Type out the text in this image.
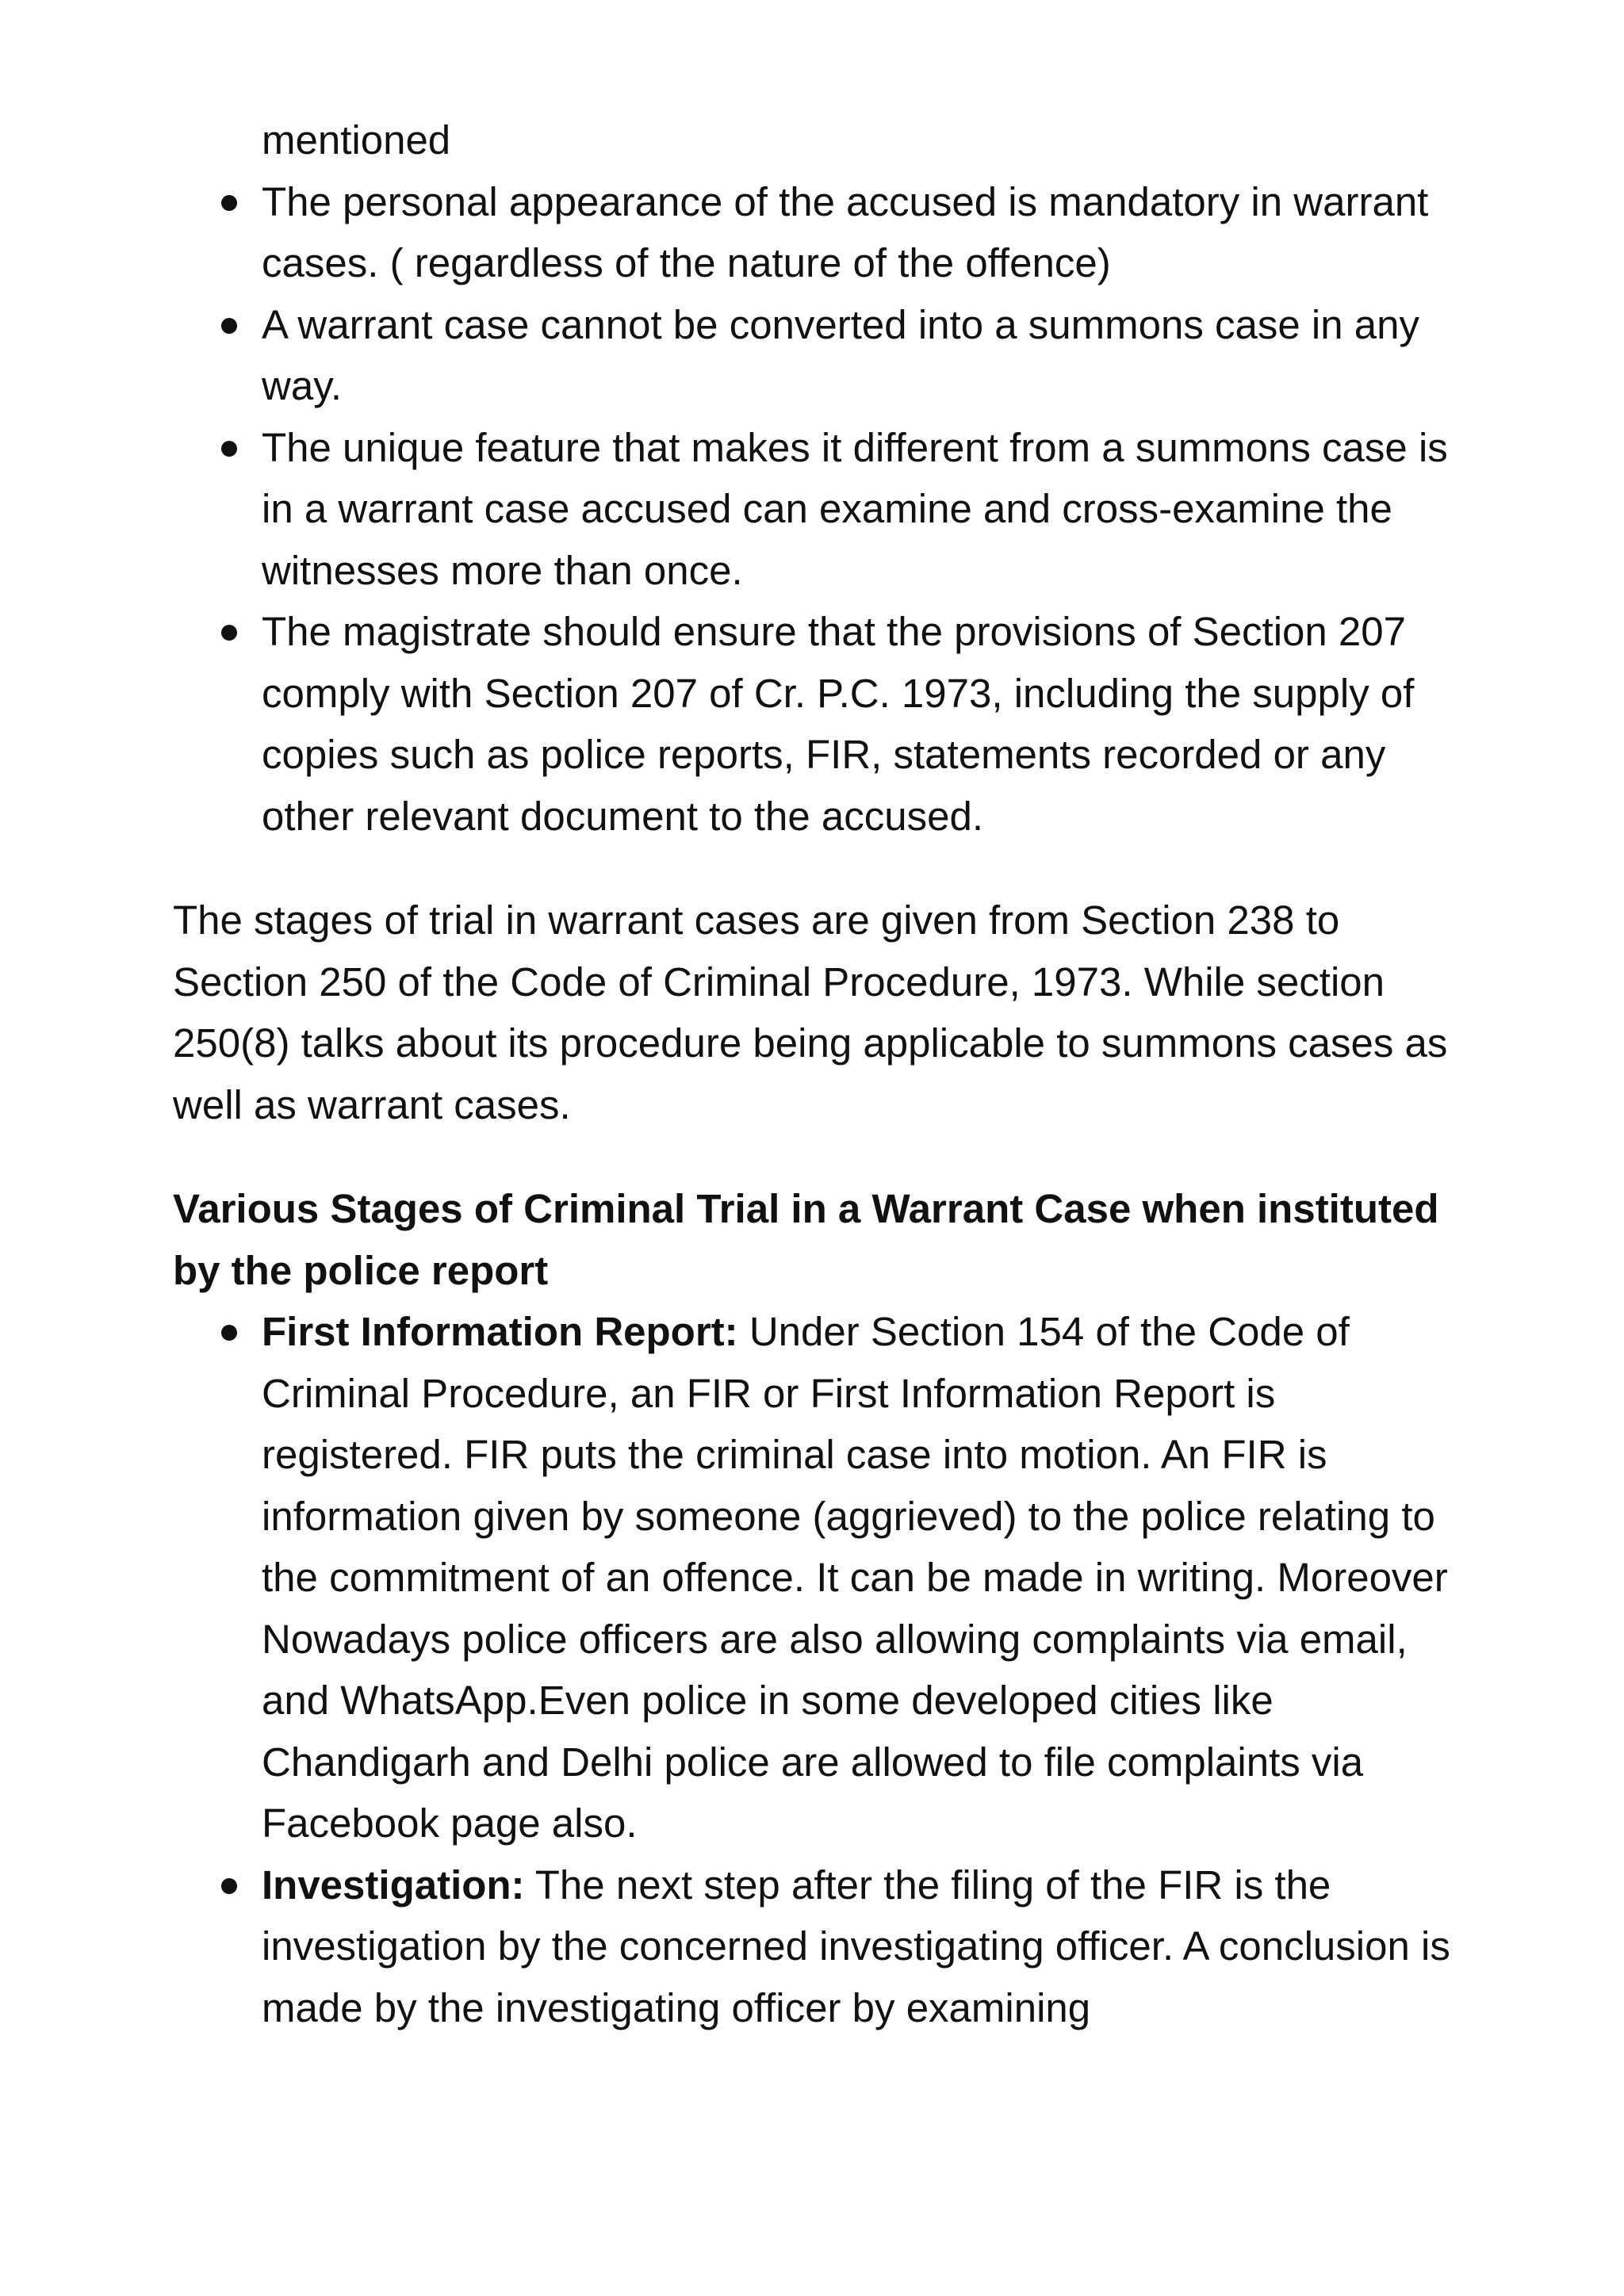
mentioned
The personal appearance of the accused is mandatory in warrant cases. ( regardless of the nature of the offence)
A warrant case cannot be converted into a summons case in any way.
The unique feature that makes it different from a summons case is in a warrant case accused can examine and cross-examine the witnesses more than once.
The magistrate should ensure that the provisions of Section 207 comply with Section 207 of Cr. P.C. 1973, including the supply of copies such as police reports, FIR, statements recorded or any other relevant document to the accused.

The stages of trial in warrant cases are given from Section 238 to Section 250 of the Code of Criminal Procedure, 1973. While section 250(8) talks about its procedure being applicable to summons cases as well as warrant cases.

Various Stages of Criminal Trial in a Warrant Case when instituted by the police report
First Information Report: Under Section 154 of the Code of Criminal Procedure, an FIR or First Information Report is registered. FIR puts the criminal case into motion. An FIR is information given by someone (aggrieved) to the police relating to the commitment of an offence. It can be made in writing. Moreover Nowadays police officers are also allowing complaints via email, and WhatsApp.Even police in some developed cities like Chandigarh and Delhi police are allowed to file complaints via Facebook page also.
Investigation: The next step after the filing of the FIR is the investigation by the concerned investigating officer. A conclusion is made by the investigating officer by examining
